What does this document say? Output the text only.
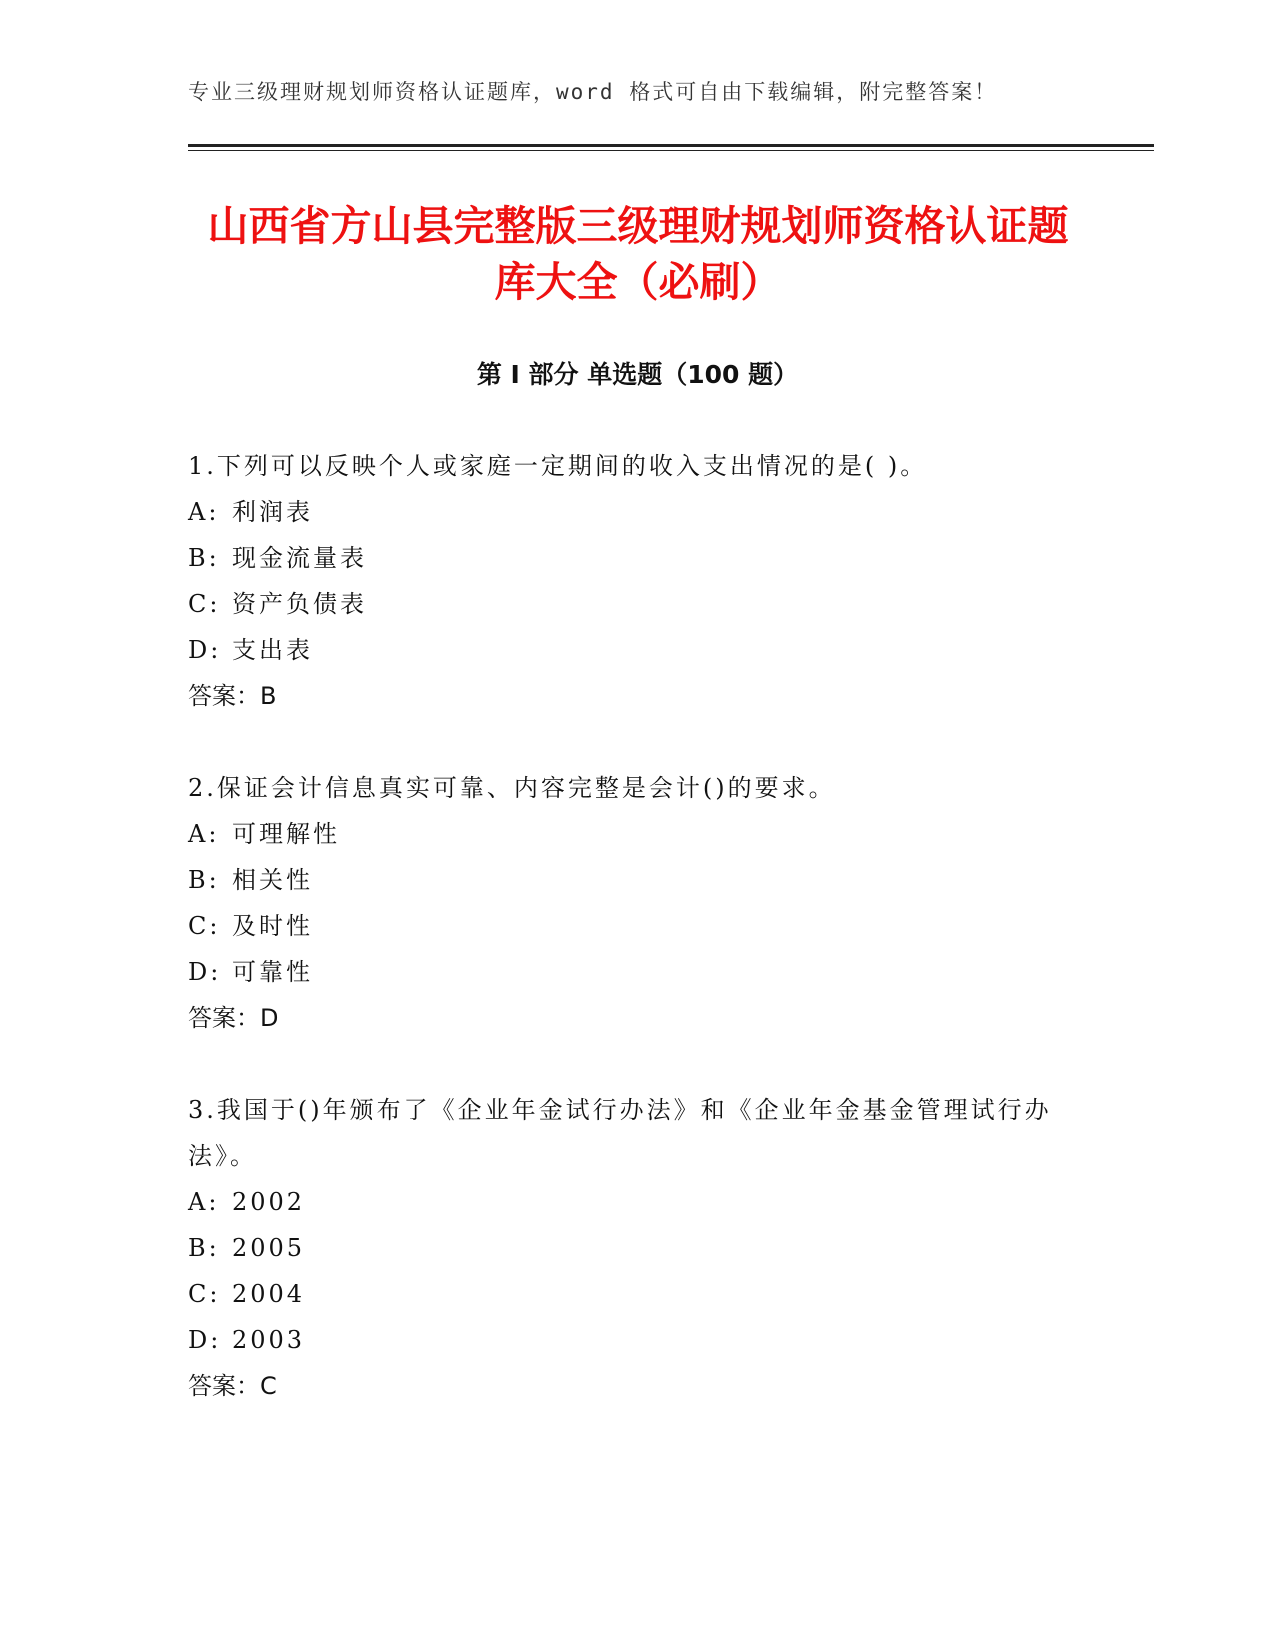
专业三级理财规划师资格认证题库，word 格式可自由下载编辑，附完整答案！
山西省方山县完整版三级理财规划师资格认证题库大全（必刷）
第 I 部分 单选题（100 题）

1.下列可以反映个人或家庭一定期间的收入支出情况的是( )。

A: 利润表

B: 现金流量表

C: 资产负债表

D: 支出表

答案：B

2.保证会计信息真实可靠、内容完整是会计()的要求。

A: 可理解性

B: 相关性

C: 及时性

D: 可靠性

答案：D

3.我国于()年颁布了《企业年金试行办法》和《企业年金基金管理试行办法》。

A: 2002

B: 2005

C: 2004

D: 2003

答案：C
